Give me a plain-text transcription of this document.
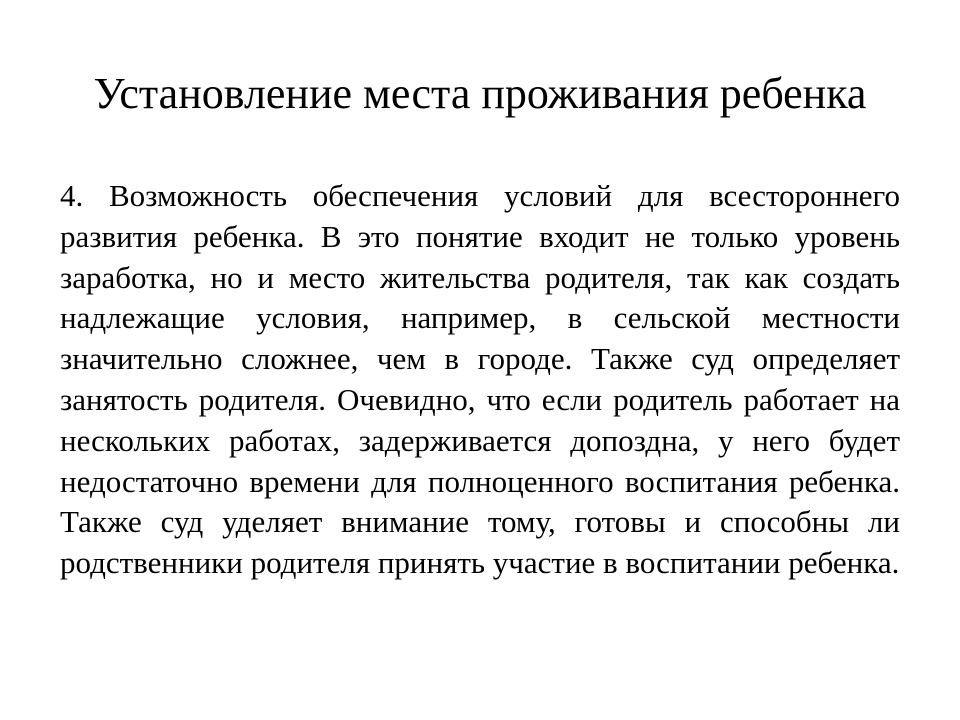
Установление места проживания ребенка

4. Возможность обеспечения условий для всестороннего развития ребенка. В это понятие входит не только уровень заработка, но и место жительства родителя, так как создать надлежащие условия, например, в сельской местности значительно сложнее, чем в городе. Также суд определяет занятость родителя. Очевидно, что если родитель работает на нескольких работах, задерживается допоздна, у него будет недостаточно времени для полноценного воспитания ребенка. Также суд уделяет внимание тому, готовы и способны ли родственники родителя принять участие в воспитании ребенка.
